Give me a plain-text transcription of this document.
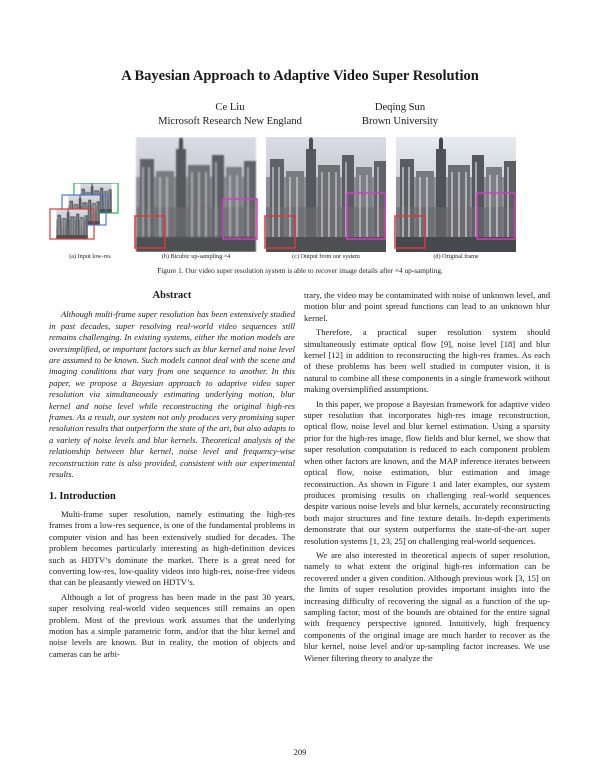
A Bayesian Approach to Adaptive Video Super Resolution
Ce Liu
Microsoft Research New England
Deqing Sun
Brown University
(a) Input low-res	(b) Bicubic up-sampling ×4	(c) Output from our system	(d) Original frame
Figure 1. Our video super resolution system is able to recover image details after ×4 up-sampling.
Abstract

Although multi-frame super resolution has been extensively studied in past decades, super resolving real-world video sequences still remains challenging. In existing systems, either the motion models are oversimplified, or important factors such as blur kernel and noise level are assumed to be known. Such models cannot deal with the scene and imaging conditions that vary from one sequence to another. In this paper, we propose a Bayesian approach to adaptive video super resolution via simultaneously estimating underlying motion, blur kernel and noise level while reconstructing the original high-res frames. As a result, our system not only produces very promising super resolution results that outperform the state of the art, but also adapts to a variety of noise levels and blur kernels. Theoretical analysis of the relationship between blur kernel, noise level and frequency-wise reconstruction rate is also provided, consistent with our experimental results.

1. Introduction

Multi-frame super resolution, namely estimating the high-res frames from a low-res sequence, is one of the fundamental problems in computer vision and has been extensively studied for decades. The problem becomes particularly interesting as high-definition devices such as HDTV’s dominate the market. There is a great need for converting low-res, low-quality videos into high-res, noise-free videos that can be pleasantly viewed on HDTV’s.

Although a lot of progress has been made in the past 30 years, super resolving real-world video sequences still remains an open problem. Most of the previous work assumes that the underlying motion has a simple parametric form, and/or that the blur kernel and noise levels are known. But in reality, the motion of objects and cameras can be arbi-

trary, the video may be contaminated with noise of unknown level, and motion blur and point spread functions can lead to an unknown blur kernel.

Therefore, a practical super resolution system should simultaneously estimate optical flow [9], noise level [18] and blur kernel [12] in addition to reconstructing the high-res frames. As each of these problems has been well studied in computer vision, it is natural to combine all these components in a single framework without making oversimplified assumptions.

In this paper, we propose a Bayesian framework for adaptive video super resolution that incorporates high-res image reconstruction, optical flow, noise level and blur kernel estimation. Using a sparsity prior for the high-res image, flow fields and blur kernel, we show that super resolution computation is reduced to each component problem when other factors are known, and the MAP inference iterates between optical flow, noise estimation, blur estimation and image reconstruction. As shown in Figure 1 and later examples, our system produces promising results on challenging real-world sequences despite various noise levels and blur kernels, accurately reconstructing both major structures and fine texture details. In-depth experiments demonstrate that our system outperforms the state-of-the-art super resolution systems [1, 23, 25] on challenging real-world sequences.

We are also interested in theoretical aspects of super resolution, namely to what extent the original high-res information can be recovered under a given condition. Although previous work [3, 15] on the limits of super resolution provides important insights into the increasing difficulty of recovering the signal as a function of the up-sampling factor, most of the bounds are obtained for the entire signal with frequency perspective ignored. Intuitively, high frequency components of the original image are much harder to recover as the blur kernel, noise level and/or up-sampling factor increases. We use Wiener filtering theory to analyze the

209
